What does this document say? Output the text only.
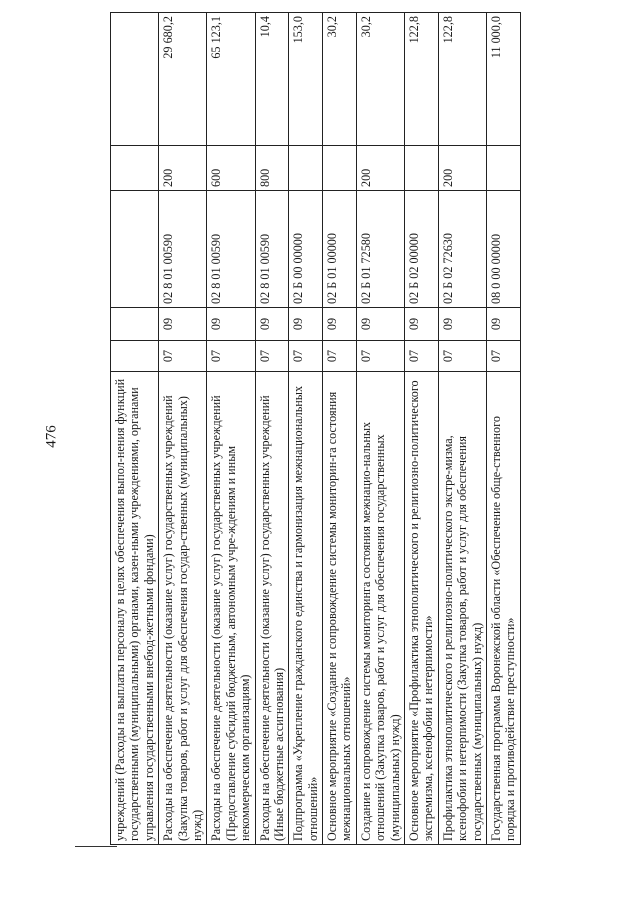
476	учреждений (Расходы на выплаты персоналу в целях обеспечения выпол-нения функций государственными (муниципальными) органами, казен-ными учреждениями, органами управления государственными внебюд-жетными фондами)					
Расходы на обеспечение деятельности (оказание услуг) государственных учреждений (Закупка товаров, работ и услуг для обеспечения государ-ственных (муниципальных) нужд)	07	09	02 8 01 00590	200	29 680,2
Расходы на обеспечение деятельности (оказание услуг) государственных учреждений (Предоставление субсидий бюджетным, автономным учре-ждениям и иным некоммерческим организациям)	07	09	02 8 01 00590	600	65 123,1
Расходы на обеспечение деятельности (оказание услуг) государственных учреждений (Иные бюджетные ассигнования)	07	09	02 8 01 00590	800	10,4
Подпрограмма «Укрепление гражданского единства и гармонизация межнациональных отношений»	07	09	02 Б 00 00000		153,0
Основное мероприятие «Создание и сопровождение системы мониторин-га состояния межнациональных отношений»	07	09	02 Б 01 00000		30,2
Создание и сопровождение системы мониторинга состояния межнацио-нальных отношений (Закупка товаров, работ и услуг для обеспечения государственных (муниципальных) нужд)	07	09	02 Б 01 72580	200	30,2
Основное мероприятие «Профилактика этнополитического и религиозно-политического экстремизма, ксенофобии и нетерпимости»	07	09	02 Б 02 00000		122,8
Профилактика этнополитического и религиозно-политического экстре-мизма, ксенофобии и нетерпимости (Закупка товаров, работ и услуг для обеспечения государственных (муниципальных) нужд)	07	09	02 Б 02 72630	200	122,8
Государственная программа Воронежской области «Обеспечение обще-ственного порядка и противодействие преступности»	07	09	08 0 00 00000		11 000,0
